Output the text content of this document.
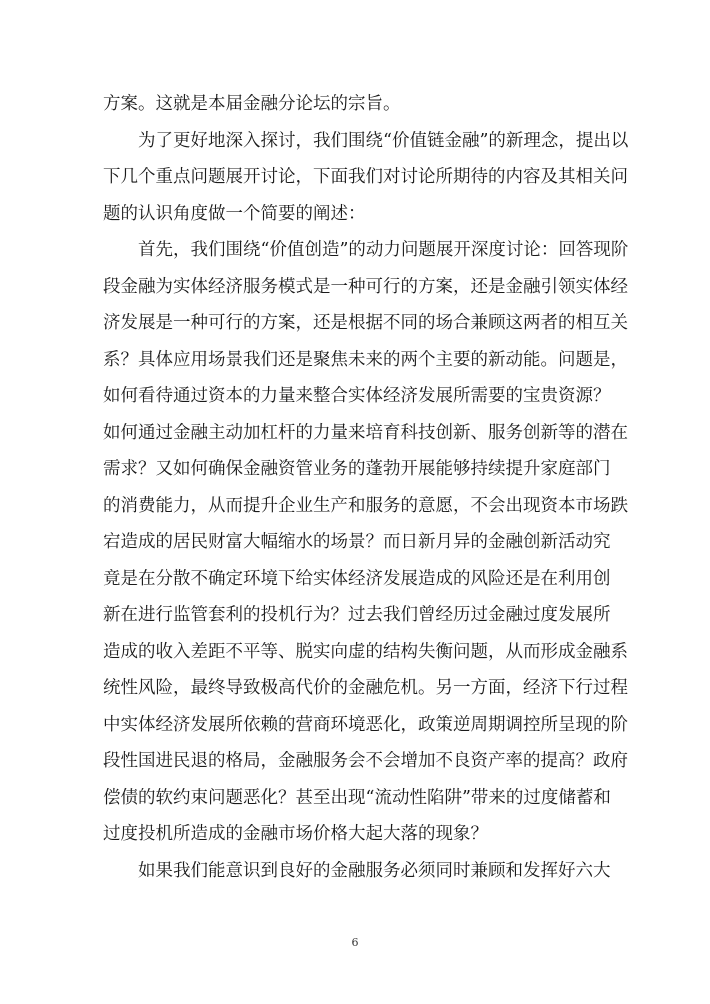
方 案 。 这 就 是 本 届 金 融 分 论 坛 的 宗 旨 。
为 了 更 好 地 深 入 探 讨 ， 我 们 围 绕 “ 价 值 链 金 融 ” 的 新 理 念 ， 提 出 以
下 几 个 重 点 问 题 展 开 讨 论 ， 下 面 我 们 对 讨 论 所 期 待 的 内 容 及 其 相 关 问
题 的 认 识 角 度 做 一 个 简 要 的 阐 述 ：
首 先 ， 我 们 围 绕 “ 价 值 创 造 ” 的 动 力 问 题 展 开 深 度 讨 论 ： 回 答 现 阶
段 金 融 为 实 体 经 济 服 务 模 式 是 一 种 可 行 的 方 案 ， 还 是 金 融 引 领 实 体 经
济 发 展 是 一 种 可 行 的 方 案 ， 还 是 根 据 不 同 的 场 合 兼 顾 这 两 者 的 相 互 关
系 ？ 具 体 应 用 场 景 我 们 还 是 聚 焦 未 来 的 两 个 主 要 的 新 动 能 。 问 题 是 ，
如 何 看 待 通 过 资 本 的 力 量 来 整 合 实 体 经 济 发 展 所 需 要 的 宝 贵 资 源 ？
如 何 通 过 金 融 主 动 加 杠 杆 的 力 量 来 培 育 科 技 创 新 、 服 务 创 新 等 的 潜 在
需 求 ？ 又 如 何 确 保 金 融 资 管 业 务 的 蓬 勃 开 展 能 够 持 续 提 升 家 庭 部 门
的 消 费 能 力 ， 从 而 提 升 企 业 生 产 和 服 务 的 意 愿 ， 不 会 出 现 资 本 市 场 跌
宕 造 成 的 居 民 财 富 大 幅 缩 水 的 场 景 ？ 而 日 新 月 异 的 金 融 创 新 活 动 究
竟 是 在 分 散 不 确 定 环 境 下 给 实 体 经 济 发 展 造 成 的 风 险 还 是 在 利 用 创
新 在 进 行 监 管 套 利 的 投 机 行 为 ？ 过 去 我 们 曾 经 历 过 金 融 过 度 发 展 所
造 成 的 收 入 差 距 不 平 等 、 脱 实 向 虚 的 结 构 失 衡 问 题 ， 从 而 形 成 金 融 系
统 性 风 险 ， 最 终 导 致 极 高 代 价 的 金 融 危 机 。 另 一 方 面 ， 经 济 下 行 过 程
中 实 体 经 济 发 展 所 依 赖 的 营 商 环 境 恶 化 ， 政 策 逆 周 期 调 控 所 呈 现 的 阶
段 性 国 进 民 退 的 格 局 ， 金 融 服 务 会 不 会 增 加 不 良 资 产 率 的 提 高 ？ 政 府
偿 债 的 软 约 束 问 题 恶 化 ？ 甚 至 出 现 “ 流 动 性 陷 阱 ” 带 来 的 过 度 储 蓄 和
过 度 投 机 所 造 成 的 金 融 市 场 价 格 大 起 大 落 的 现 象 ？
如 果 我 们 能 意 识 到 良 好 的 金 融 服 务 必 须 同 时 兼 顾 和 发 挥 好 六 大
6
